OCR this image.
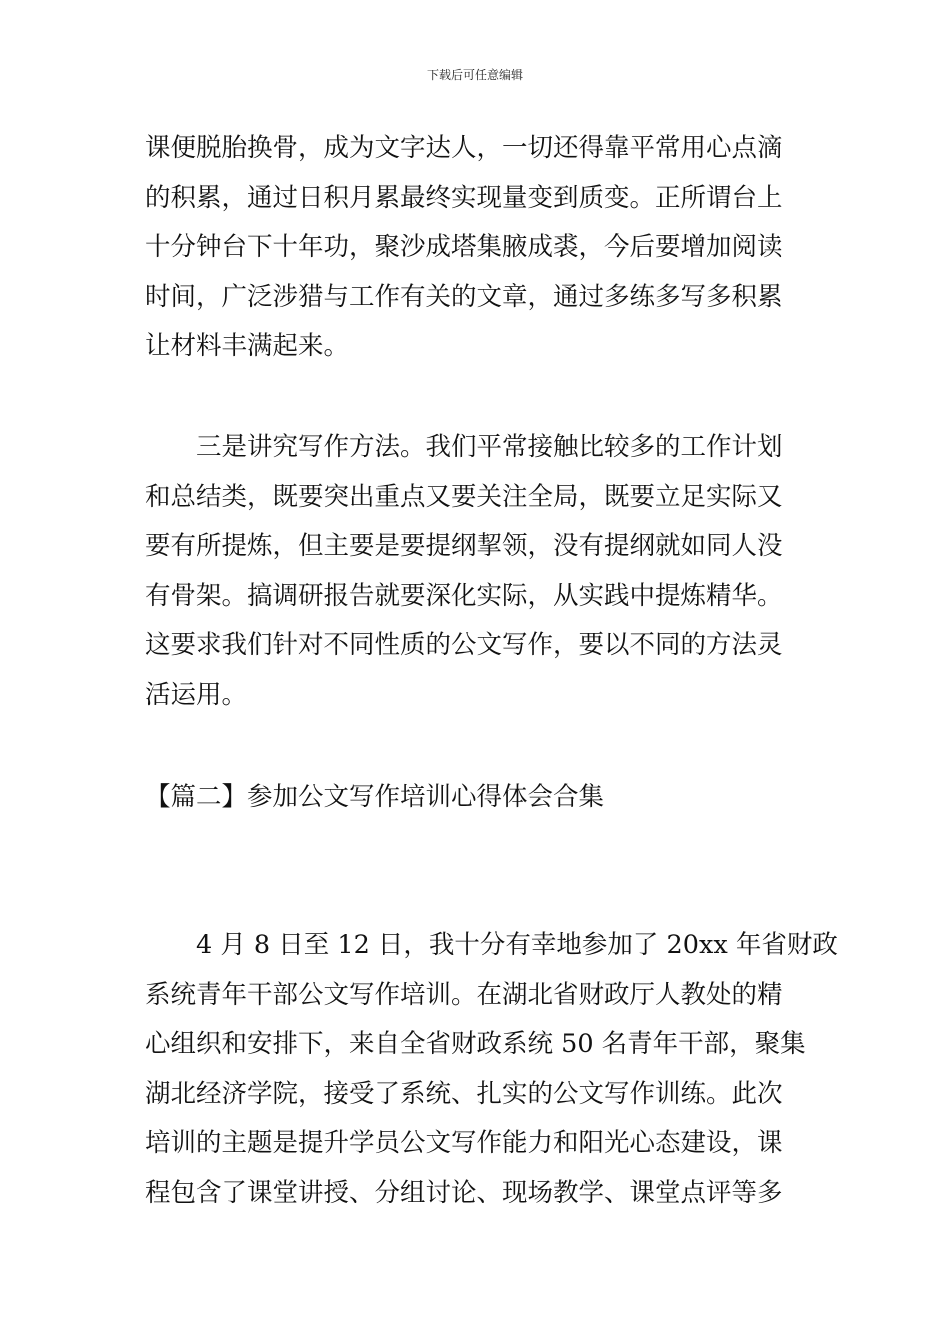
下载后可任意编辑
课便脱胎换骨，成为文字达人，一切还得靠平常用心点滴
的积累，通过日积月累最终实现量变到质变。正所谓台上
十分钟台下十年功，聚沙成塔集腋成裘，今后要增加阅读
时间，广泛涉猎与工作有关的文章，通过多练多写多积累
让材料丰满起来。
　　三是讲究写作方法。我们平常接触比较多的工作计划
和总结类，既要突出重点又要关注全局，既要立足实际又
要有所提炼，但主要是要提纲挈领，没有提纲就如同人没
有骨架。搞调研报告就要深化实际，从实践中提炼精华。
这要求我们针对不同性质的公文写作，要以不同的方法灵
活运用。
【篇二】参加公文写作培训心得体会合集
　　4 月 8 日至 12 日，我十分有幸地参加了 20xx 年省财政
系统青年干部公文写作培训。在湖北省财政厅人教处的精
心组织和安排下，来自全省财政系统 50 名青年干部，聚集
湖北经济学院，接受了系统、扎实的公文写作训练。此次
培训的主题是提升学员公文写作能力和阳光心态建设，课
程包含了课堂讲授、分组讨论、现场教学、课堂点评等多
